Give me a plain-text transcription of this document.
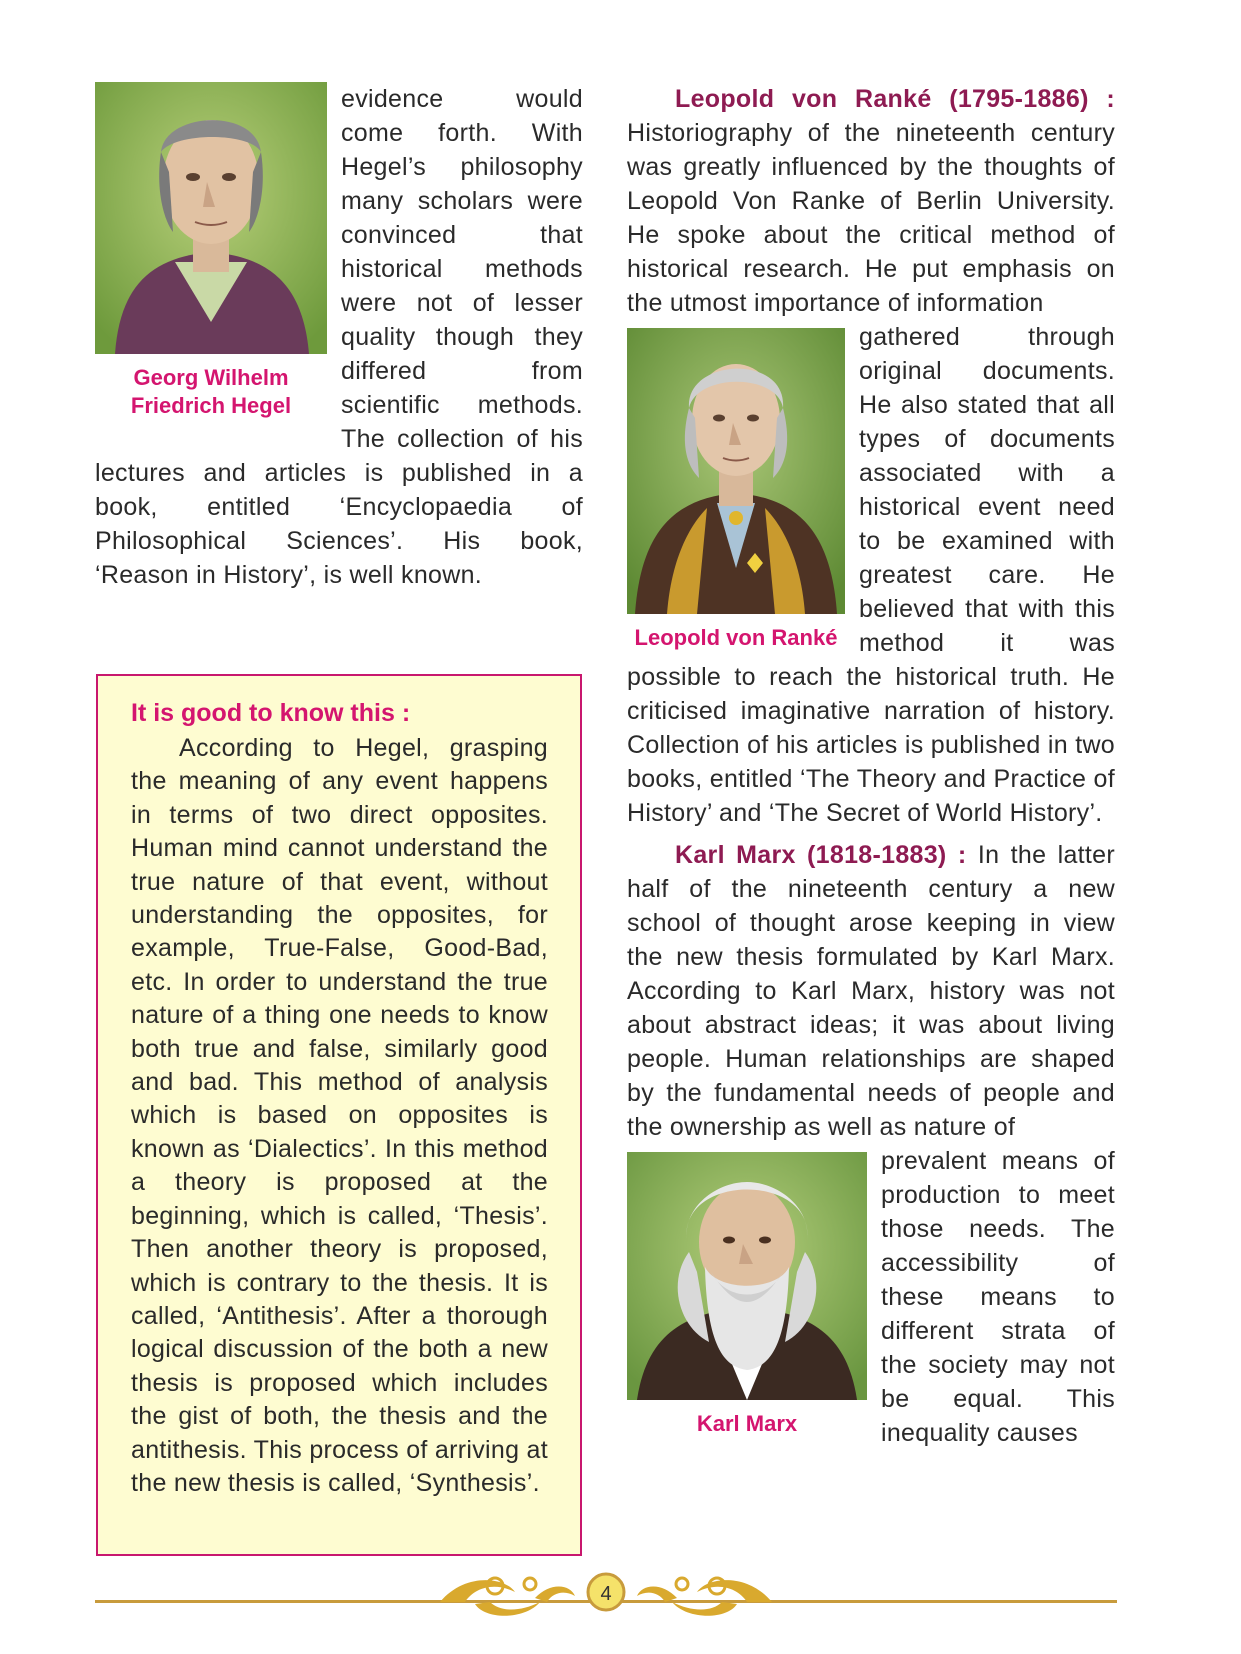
Georg Wilhelm
Friedrich Hegel

evidence would come forth. With Hegel’s philosophy many scholars were convinced that historical methods were not of lesser quality though they differed from scientific methods. The collection of his lectures and articles is published in a book, entitled ‘Encyclopaedia of Philosophical Sciences’. His book, ‘Reason in History’, is well known.

It is good to know this :

According to Hegel, grasping the meaning of any event happens in terms of two direct opposites. Human mind cannot understand the true nature of that event, without understanding the opposites, for example, True-False, Good-Bad, etc. In order to understand the true nature of a thing one needs to know both true and false, similarly good and bad. This method of analysis which is based on opposites is known as ‘Dialectics’. In this method a theory is proposed at the beginning, which is called, ‘Thesis’. Then another theory is proposed, which is contrary to the thesis. It is called, ‘Antithesis’. After a thorough logical discussion of the both a new thesis is proposed which includes the gist of both, the thesis and the antithesis. This process of arriving at the new thesis is called, ‘Synthesis’.

Leopold von Ranké (1795-1886) : Historiography of the nineteenth century was greatly influenced by the thoughts of Leopold Von Ranke of Berlin University. He spoke about the critical method of historical research. He put emphasis on the utmost importance of information

Leopold von Ranké

gathered through original documents. He also stated that all types of documents associated with a historical event need to be examined with greatest care. He believed that with this method it was possible to reach the historical truth. He criticised imaginative narration of history. Collection of his articles is published in two books, entitled ‘The Theory and Practice of History’ and ‘The Secret of World History’.

Karl Marx (1818-1883) : In the latter half of the nineteenth century a new school of thought arose keeping in view the new thesis formulated by Karl Marx. According to Karl Marx, history was not about abstract ideas; it was about living people. Human relationships are shaped by the fundamental needs of people and the ownership as well as nature of

Karl Marx

prevalent means of production to meet those needs. The accessibility of these means to different strata of the society may not be equal. This inequality causes

4
